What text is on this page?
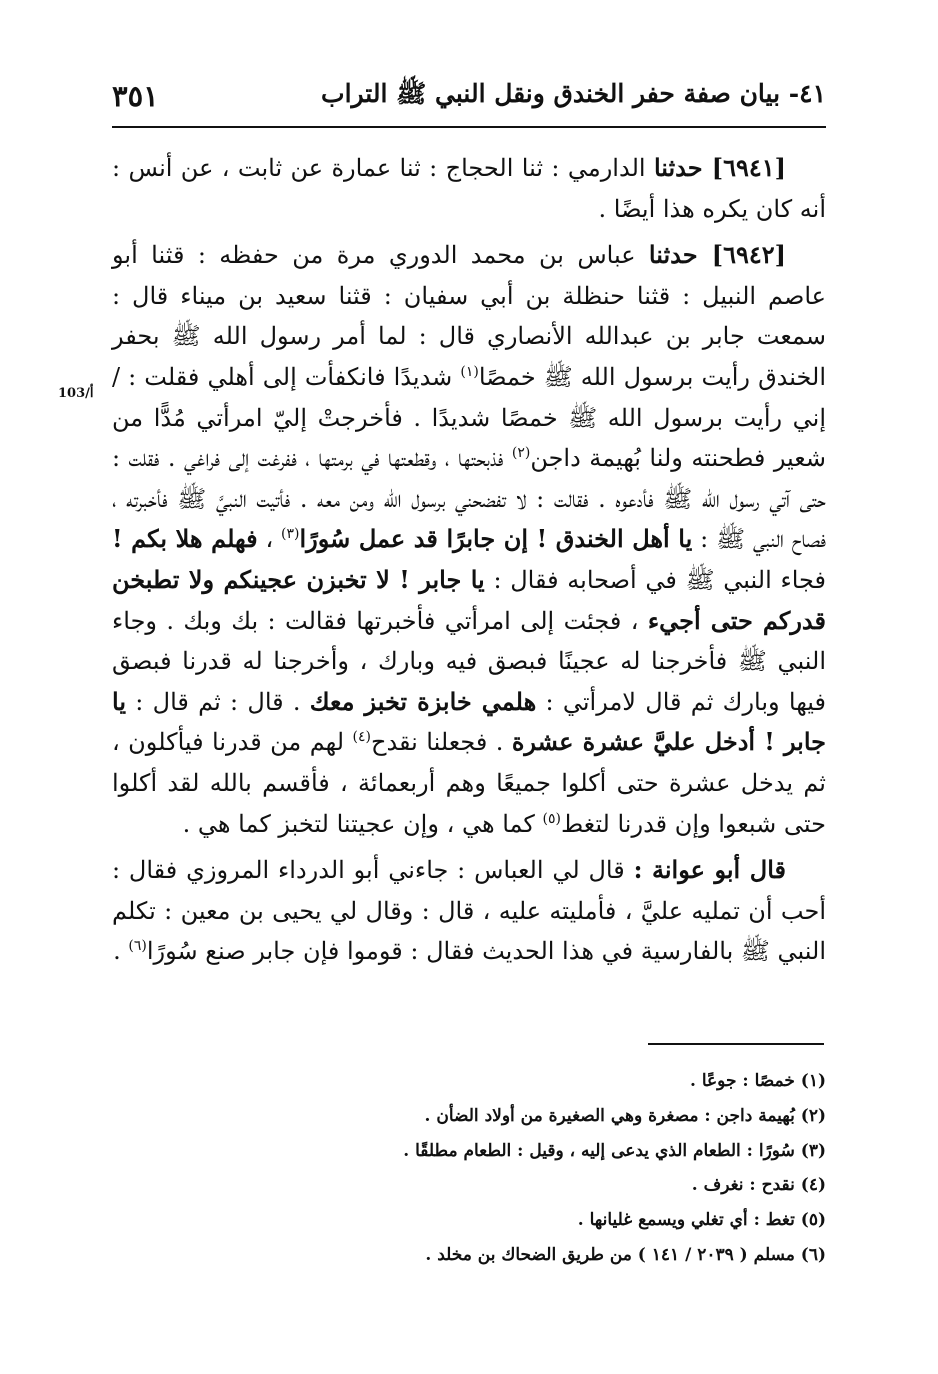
٣٥١	٤١- بيان صفة حفر الخندق ونقل النبي ﷺ التراب
103/أ

[٦٩٤١] حدثنا الدارمي : ثنا الحجاج : ثنا عمارة عن ثابت ، عن أنس : أنه كان يكره هذا أيضًا .

[٦٩٤٢] حدثنا عباس بن محمد الدوري مرة من حفظه : قثنا أبو عاصم النبيل : قثنا حنظلة بن أبي سفيان : قثنا سعيد بن ميناء قال : سمعت جابر بن عبدالله الأنصاري قال : لما أمر رسول الله ﷺ بحفر الخندق رأيت برسول الله ﷺ خمصًا$^{(١)}$ شديدًا فانكفأت إلى أهلي فقلت : / إني رأيت برسول الله ﷺ خمصًا شديدًا . فأخرجتْ إليّ امرأتي مُدًّا من شعير فطحنته ولنا بُهيمة داجن$^{(٢)}$ فذبحتها ، وقطعتها في برمتها ، ففرغت إلى فراغي . فقلت : حتى آتي رسول الله ﷺ فأدعوه . فقالت : لا تفضحني برسول الله ومن معه . فأتيت النبيَّ ﷺ فأخبرته ، فصاح النبي ﷺ : يا أهل الخندق ! إن جابرًا قد عمل سُورًا$^{(٣)}$ ، فهلم هلا بكم ! فجاء النبي ﷺ في أصحابه فقال : يا جابر ! لا تخبزن عجينكم ولا تطبخن قدركم حتى أجيء ، فجئت إلى امرأتي فأخبرتها فقالت : بك وبك . وجاء النبي ﷺ فأخرجنا له عجينًا فبصق فيه وبارك ، وأخرجنا له قدرنا فبصق فيها وبارك ثم قال لامرأتي : هلمي خابزة تخبز معك . قال : ثم قال : يا جابر ! أدخل عليَّ عشرة عشرة . فجعلنا نقدح$^{(٤)}$ لهم من قدرنا فيأكلون ، ثم يدخل عشرة حتى أكلوا جميعًا وهم أربعمائة ، فأقسم بالله لقد أكلوا حتى شبعوا وإن قدرنا لتغط$^{(٥)}$ كما هي ، وإن عجيتنا لتخبز كما هي .

قال أبو عوانة : قال لي العباس : جاءني أبو الدرداء المروزي فقال : أحب أن تمليه عليَّ ، فأمليته عليه ، قال : وقال لي يحيى بن معين : تكلم النبي ﷺ بالفارسية في هذا الحديث فقال : قوموا فإن جابر صنع سُورًا$^{(٦)}$ .

(١) خمصًا : جوعًا .
(٢) بُهيمة داجن : مصغرة وهي الصغيرة من أولاد الضأن .
(٣) سُورًا : الطعام الذي يدعى إليه ، وقيل : الطعام مطلقًا .
(٤) نقدح : نغرف .
(٥) تغط : أي تغلي ويسمع غليانها .
(٦) مسلم ( ٢٠٣٩ / ١٤١ ) من طريق الضحاك بن مخلد .
